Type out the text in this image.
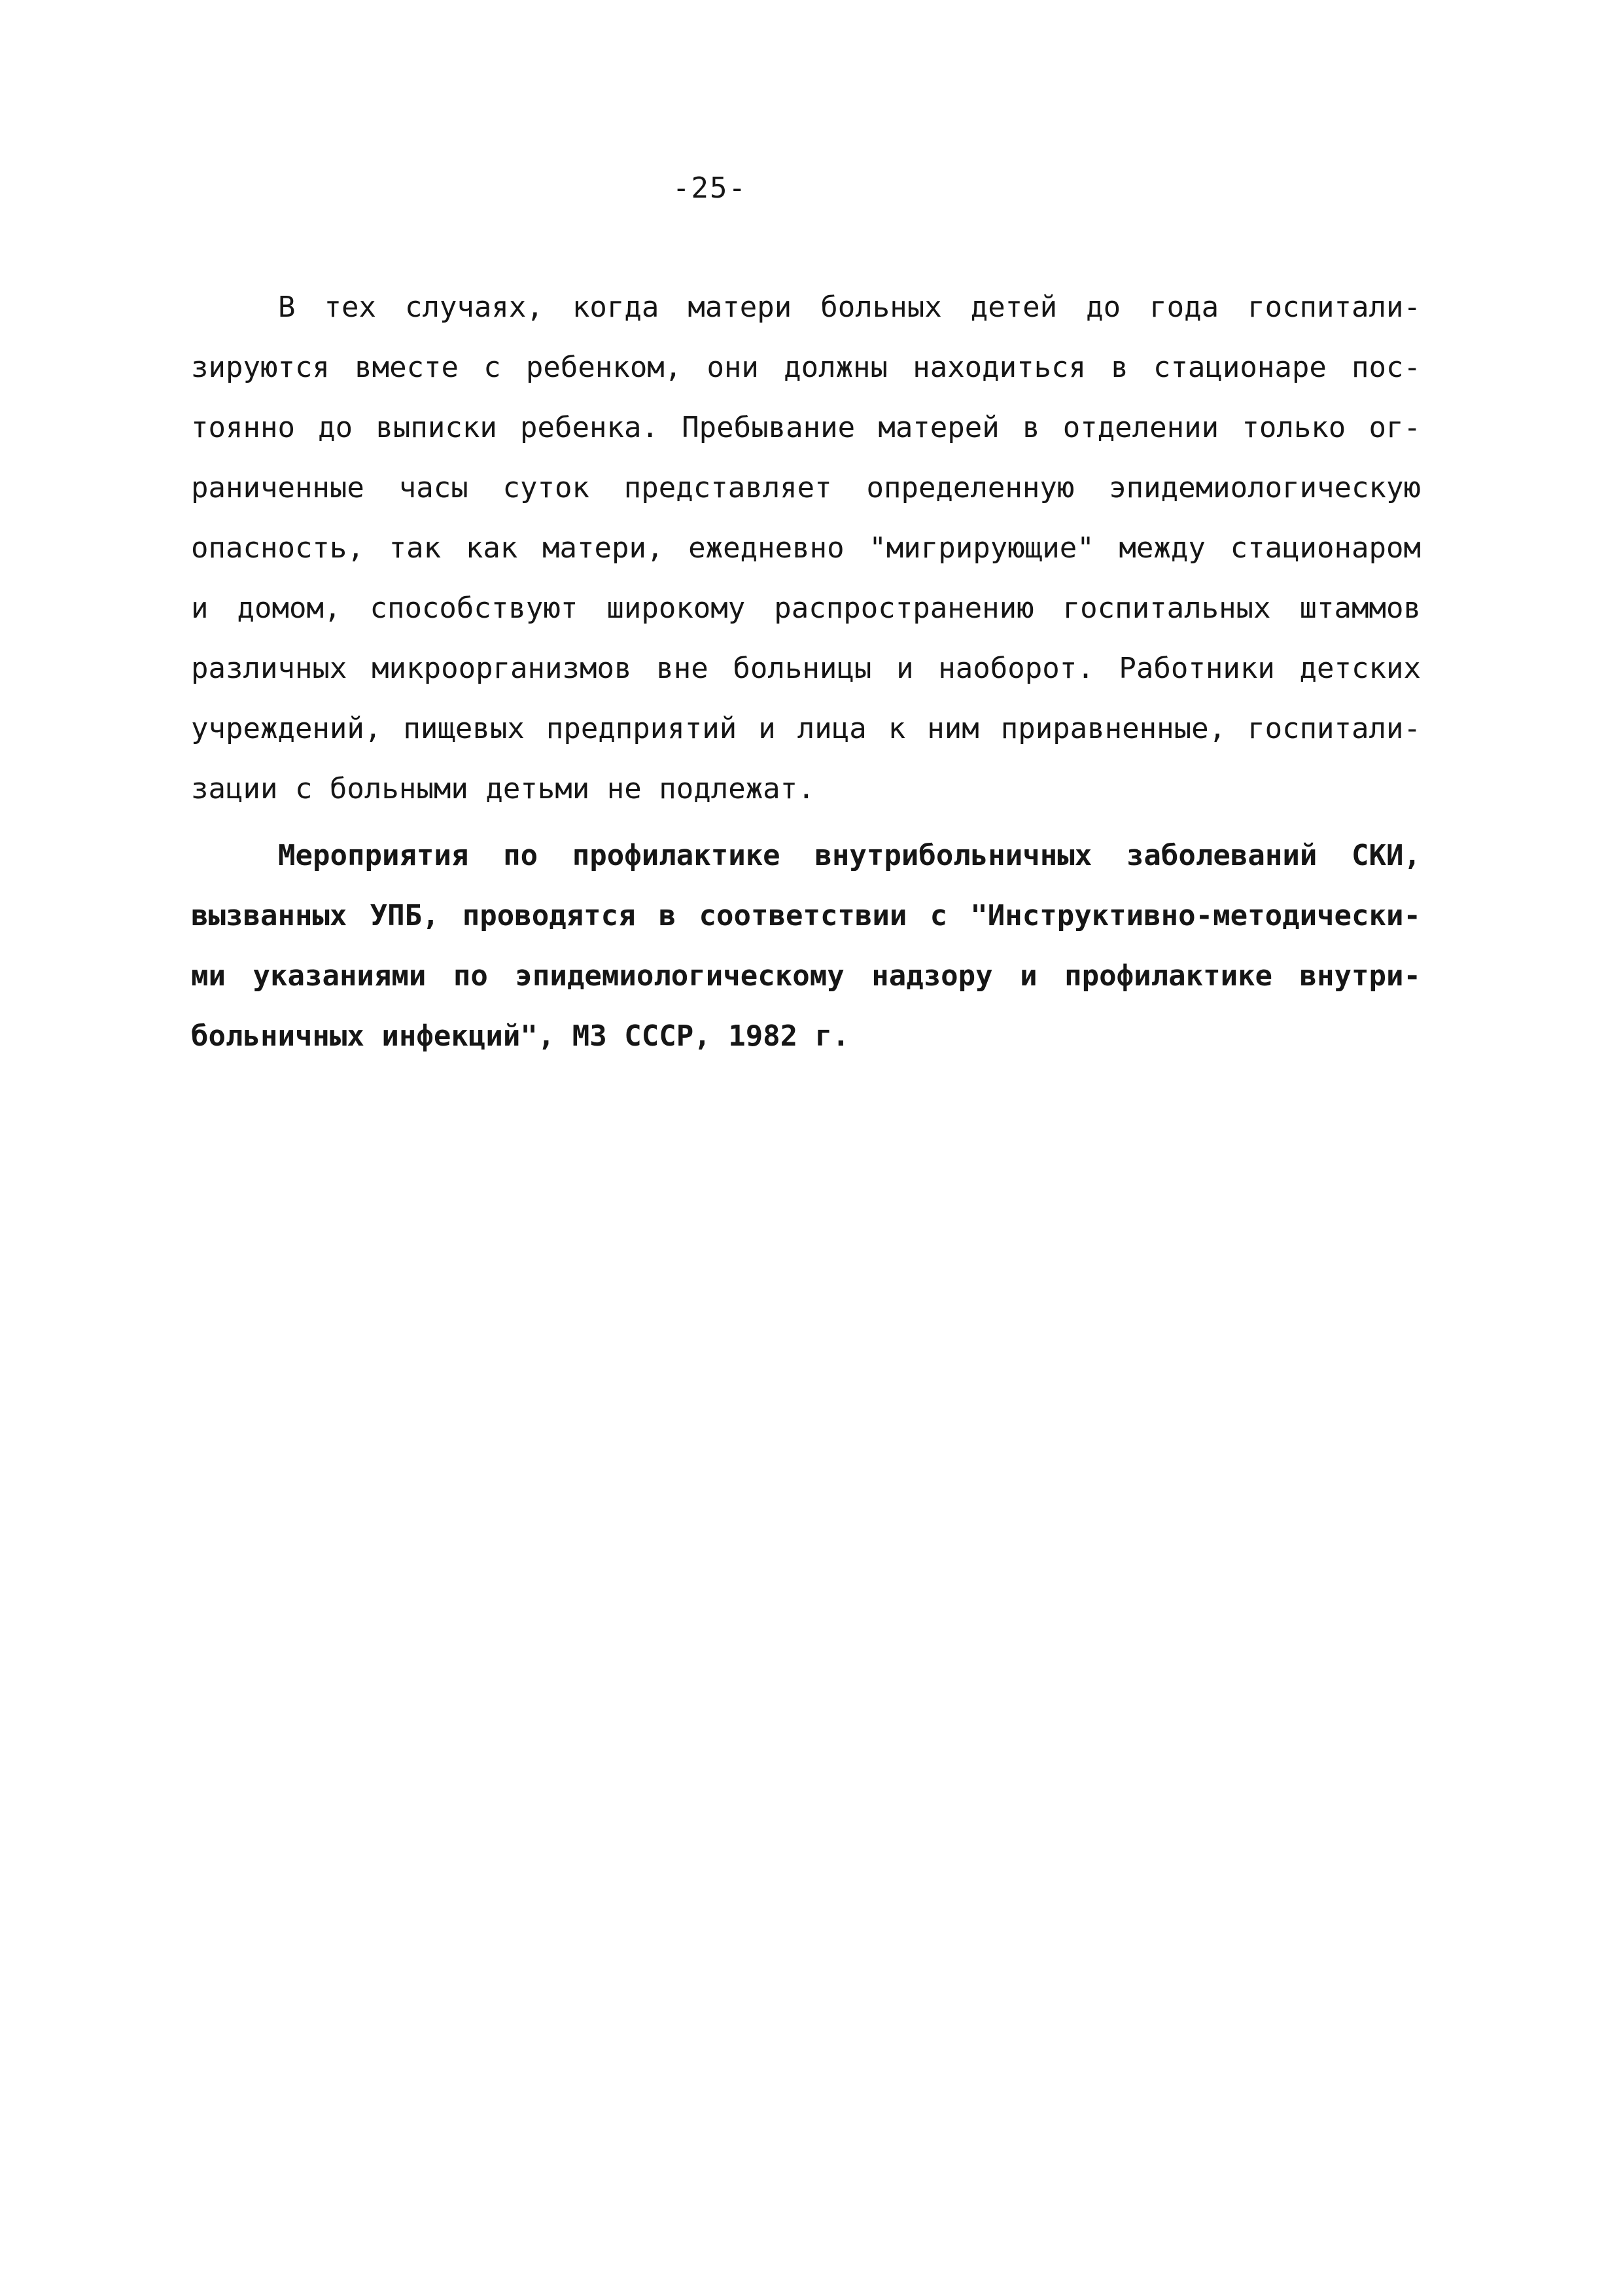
-25-
В тех случаях, когда матери больных детей до года госпитали-
зируются вместе с ребенком, они должны находиться в стационаре пос-
тоянно до выписки ребенка. Пребывание матерей в отделении только ог-
раниченные часы суток представляет определенную эпидемиологическую
опасность, так как матери, ежедневно "мигрирующие" между стационаром
и домом, способствуют широкому распространению госпитальных штаммов
различных микроорганизмов вне больницы и наоборот. Работники детских
учреждений, пищевых предприятий и лица к ним приравненные, госпитали-
зации с больными детьми не подлежат.
Мероприятия по профилактике внутрибольничных заболеваний СКИ,
вызванных УПБ, проводятся в соответствии с "Инструктивно-методически-
ми указаниями по эпидемиологическому надзору и профилактике внутри-
больничных инфекций", МЗ СССР, 1982 г.
